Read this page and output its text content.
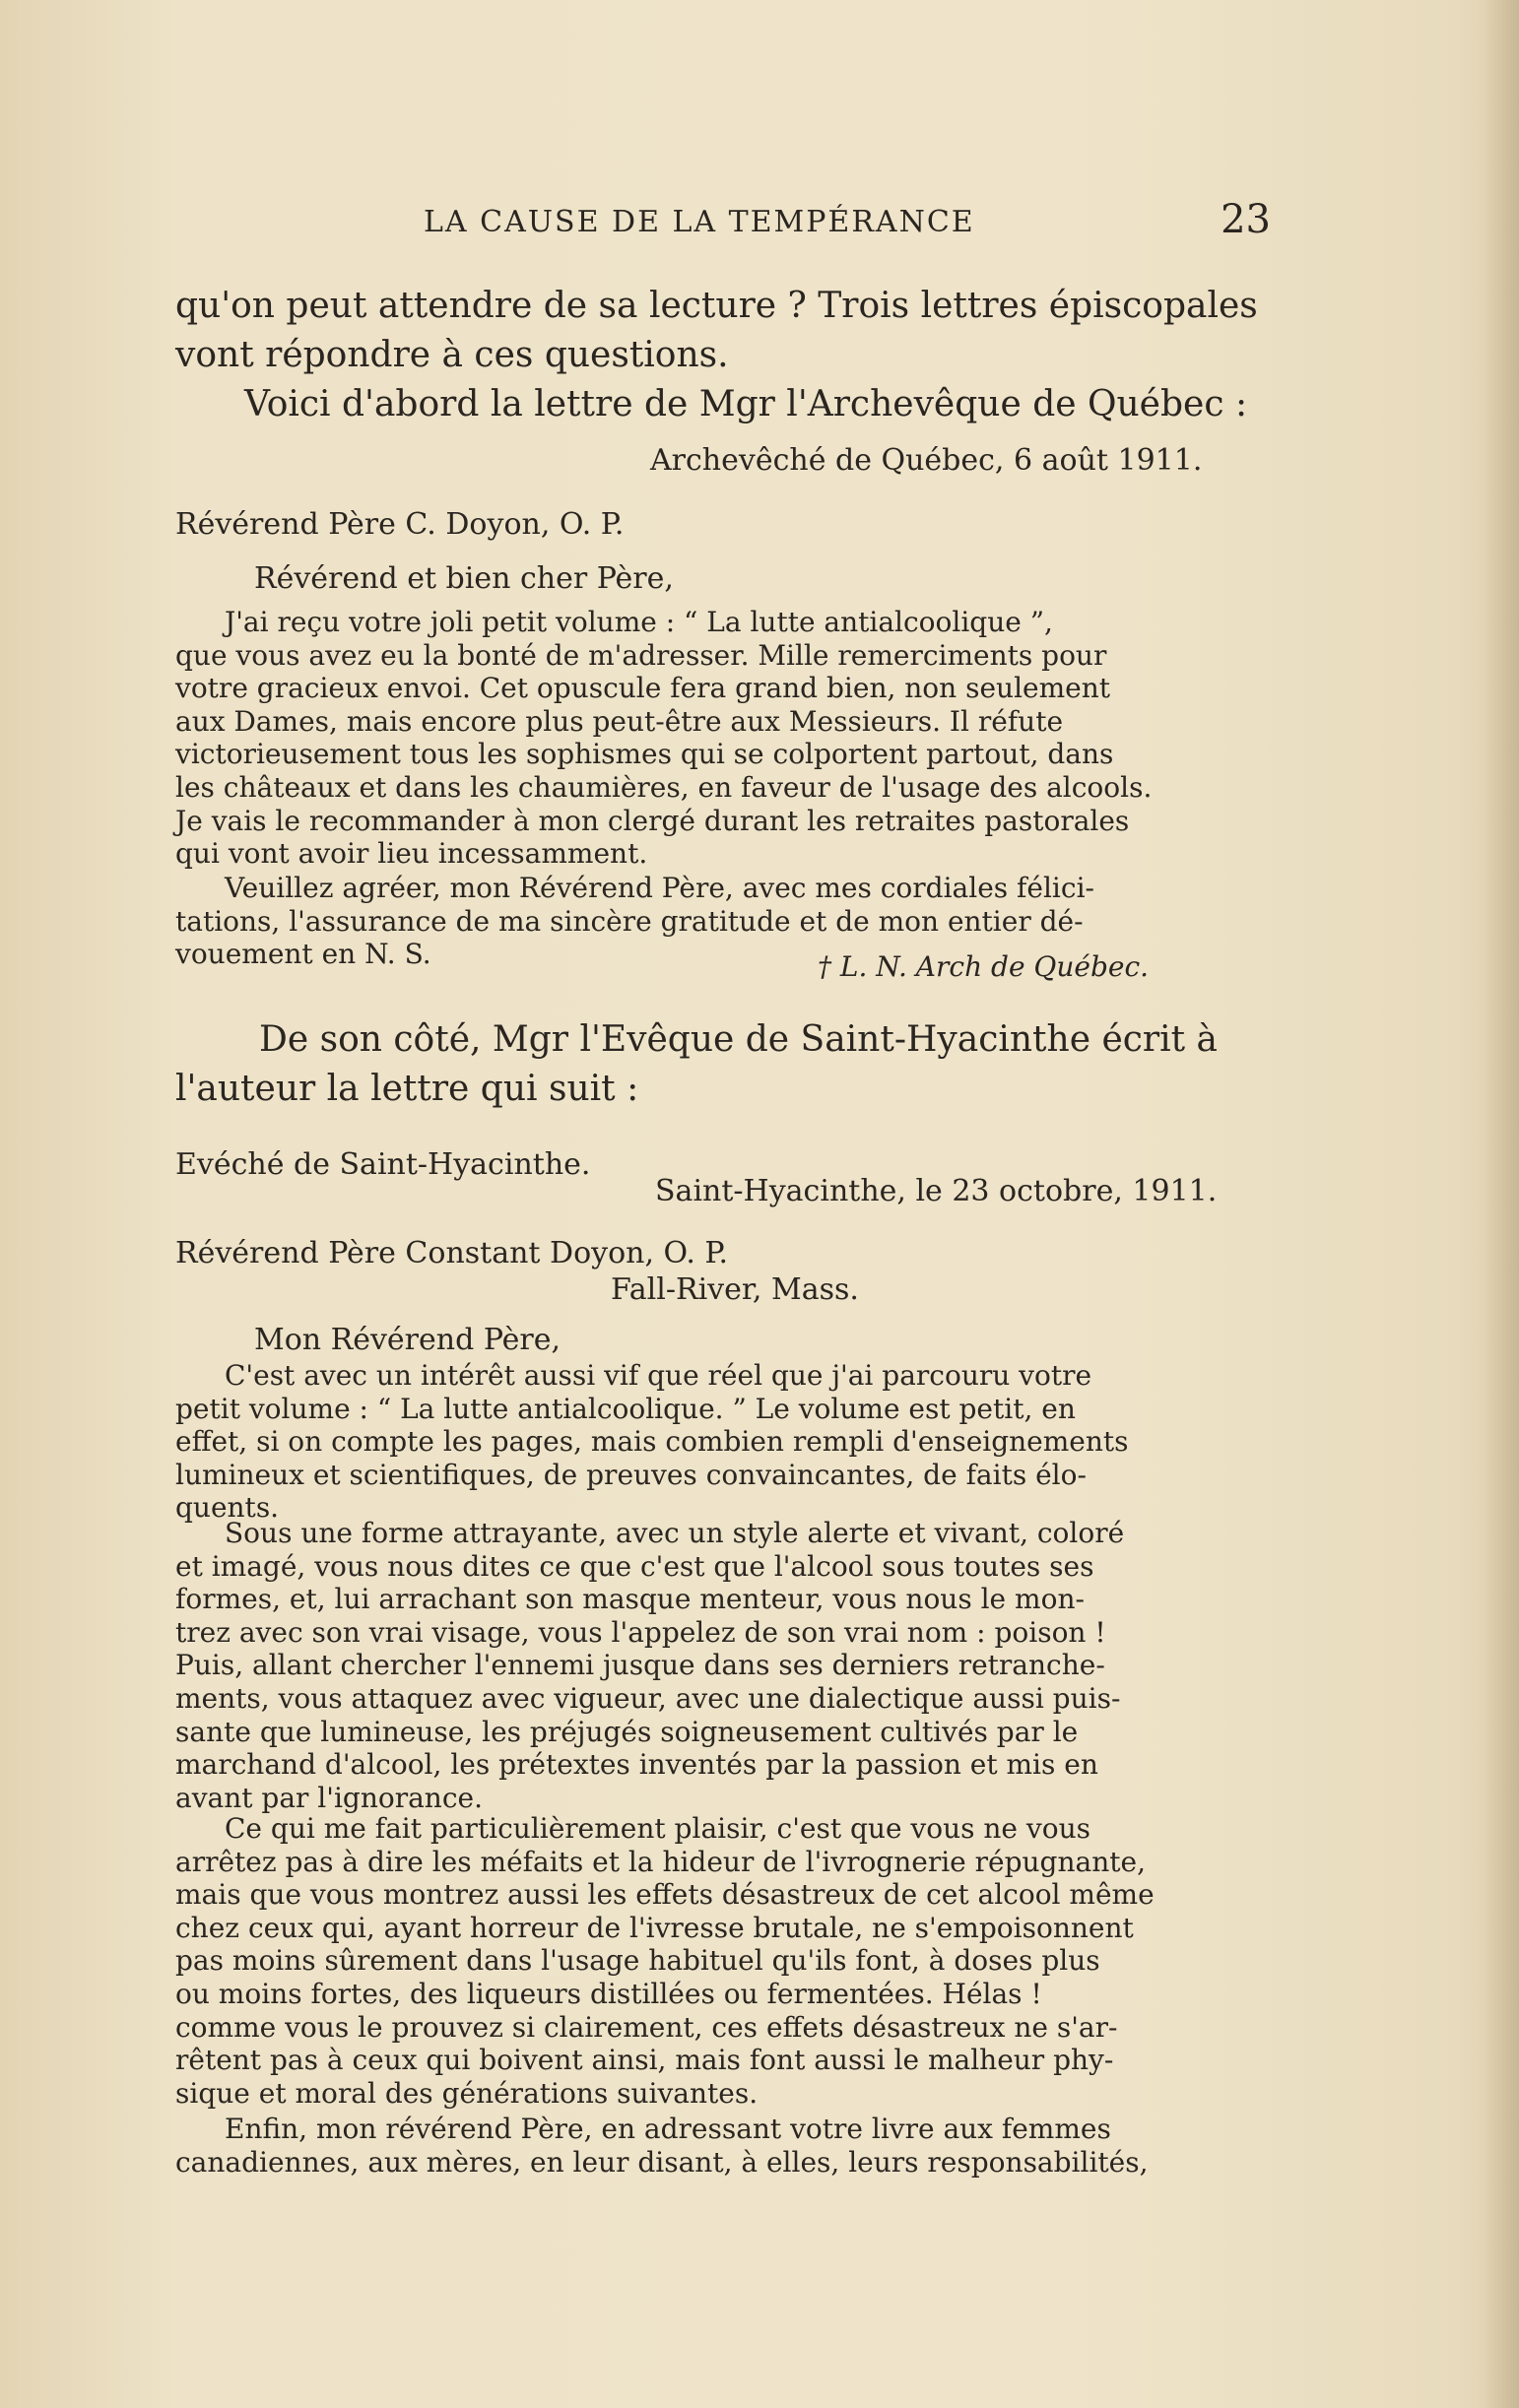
LA CAUSE DE LA TEMPÉRANCE	23
qu'on peut attendre de sa lecture ? Trois lettres épiscopales
vont répondre à ces questions.
Voici d'abord la lettre de Mgr l'Archevêque de Québec :
Archevêché de Québec, 6 août 1911.
Révérend Père C. Doyon, O. P.
Révérend et bien cher Père,
J'ai reçu votre joli petit volume : “ La lutte antialcoolique ”,
que vous avez eu la bonté de m'adresser. Mille remerciments pour
votre gracieux envoi. Cet opuscule fera grand bien, non seulement
aux Dames, mais encore plus peut-être aux Messieurs. Il réfute
victorieusement tous les sophismes qui se colportent partout, dans
les châteaux et dans les chaumières, en faveur de l'usage des alcools.
Je vais le recommander à mon clergé durant les retraites pastorales
qui vont avoir lieu incessamment.
Veuillez agréer, mon Révérend Père, avec mes cordiales félici-
tations, l'assurance de ma sincère gratitude et de mon entier dé-
vouement en N. S.	† L. N. Arch de Québec.
De son côté, Mgr l'Evêque de Saint-Hyacinthe écrit à
l'auteur la lettre qui suit :
Evéché de Saint-Hyacinthe.
Saint-Hyacinthe, le 23 octobre, 1911.
Révérend Père Constant Doyon, O. P.
Fall-River, Mass.
Mon Révérend Père,
C'est avec un intérêt aussi vif que réel que j'ai parcouru votre
petit volume : “ La lutte antialcoolique. ” Le volume est petit, en
effet, si on compte les pages, mais combien rempli d'enseignements
lumineux et scientifiques, de preuves convaincantes, de faits élo-
quents.
Sous une forme attrayante, avec un style alerte et vivant, coloré
et imagé, vous nous dites ce que c'est que l'alcool sous toutes ses
formes, et, lui arrachant son masque menteur, vous nous le mon-
trez avec son vrai visage, vous l'appelez de son vrai nom : poison !
Puis, allant chercher l'ennemi jusque dans ses derniers retranche-
ments, vous attaquez avec vigueur, avec une dialectique aussi puis-
sante que lumineuse, les préjugés soigneusement cultivés par le
marchand d'alcool, les prétextes inventés par la passion et mis en
avant par l'ignorance.
Ce qui me fait particulièrement plaisir, c'est que vous ne vous
arrêtez pas à dire les méfaits et la hideur de l'ivrognerie répugnante,
mais que vous montrez aussi les effets désastreux de cet alcool même
chez ceux qui, ayant horreur de l'ivresse brutale, ne s'empoisonnent
pas moins sûrement dans l'usage habituel qu'ils font, à doses plus
ou moins fortes, des liqueurs distillées ou fermentées. Hélas !
comme vous le prouvez si clairement, ces effets désastreux ne s'ar-
rêtent pas à ceux qui boivent ainsi, mais font aussi le malheur phy-
sique et moral des générations suivantes.
Enfin, mon révérend Père, en adressant votre livre aux femmes
canadiennes, aux mères, en leur disant, à elles, leurs responsabilités,
